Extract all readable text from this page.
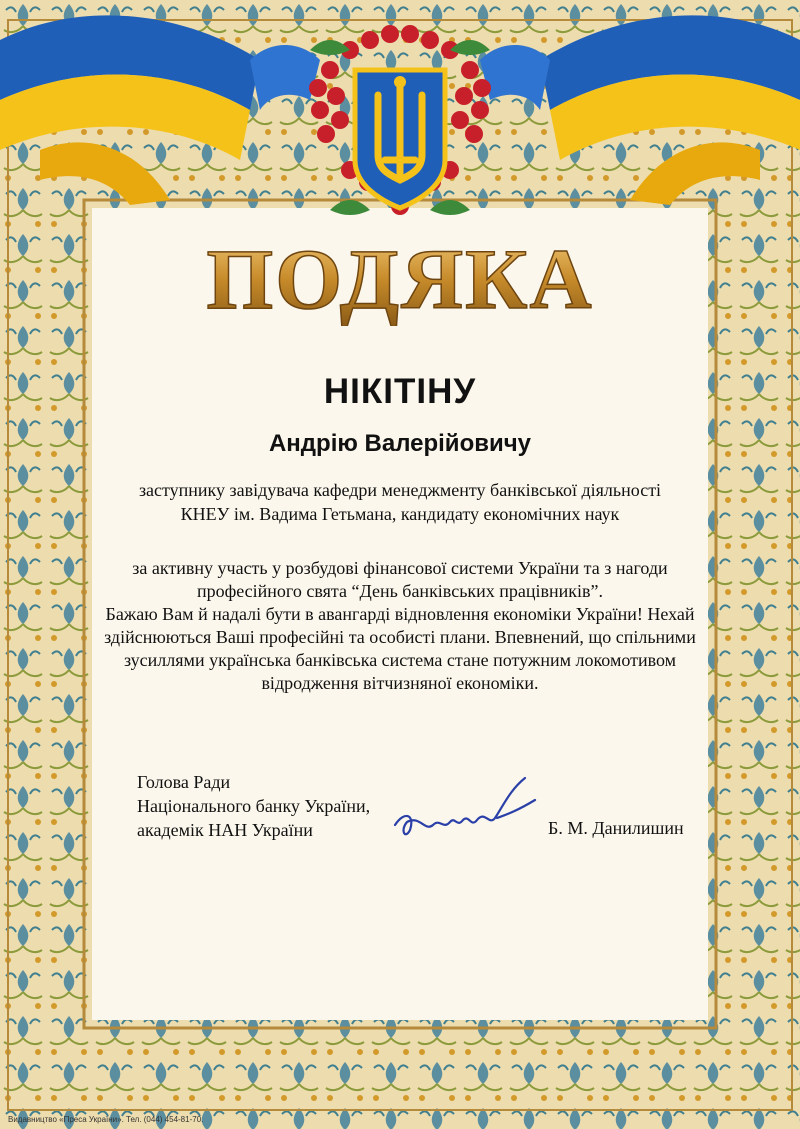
ПОДЯКА

НІКІТІНУ

Андрію Валерійовичу

заступнику завідувача кафедри менеджменту банківської діяльності
КНЕУ ім. Вадима Гетьмана, кандидату економічних наук
за активну участь у розбудові фінансової системи України та з нагоди
професійного свята “День банківських працівників”.
Бажаю Вам й надалі бути в авангарді відновлення економіки України! Нехай
здійснюються Ваші професійні та особисті плани. Впевнений, що спільними
зусиллями українська банківська система стане потужним локомотивом
відродження вітчизняної економіки.
Голова Ради
Національного банку України,
академік НАН України	Б. М. Данилишин
Видавництво «Преса України». Тел. (044) 454-81-70.
